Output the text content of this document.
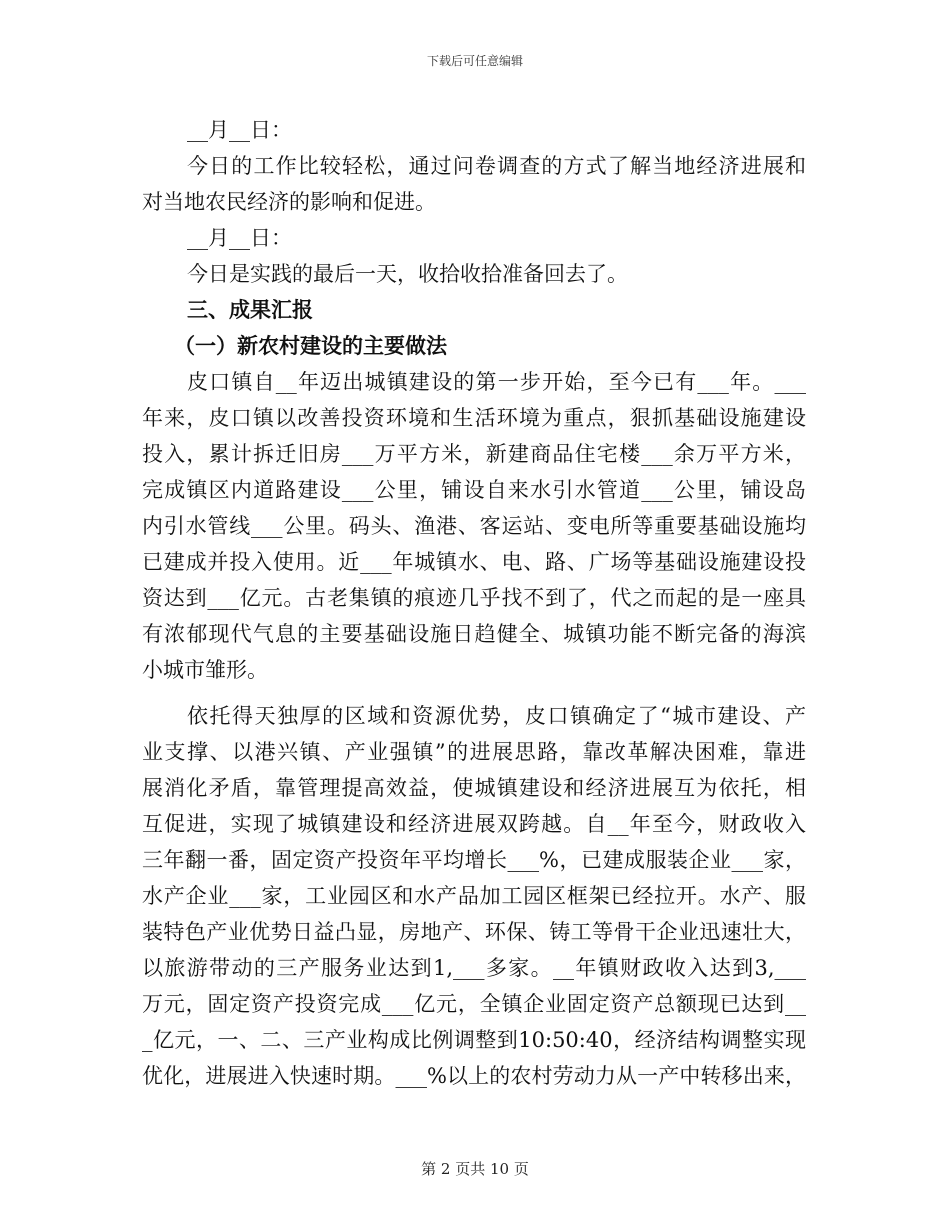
下载后可任意编辑
__月__日：
今日的工作比较轻松，通过问卷调查的方式了解当地经济进展和
对当地农民经济的影响和促进。
__月__日：
今日是实践的最后一天，收拾收拾准备回去了。
三、成果汇报
（一）新农村建设的主要做法
皮口镇自__年迈出城镇建设的第一步开始，至今已有___年。___
年来，皮口镇以改善投资环境和生活环境为重点，狠抓基础设施建设
投入，累计拆迁旧房___万平方米，新建商品住宅楼___余万平方米，
完成镇区内道路建设___公里，铺设自来水引水管道___公里，铺设岛
内引水管线___公里。码头、渔港、客运站、变电所等重要基础设施均
已建成并投入使用。近___年城镇水、电、路、广场等基础设施建设投
资达到___亿元。古老集镇的痕迹几乎找不到了，代之而起的是一座具
有浓郁现代气息的主要基础设施日趋健全、城镇功能不断完备的海滨
小城市雏形。
依托得天独厚的区域和资源优势，皮口镇确定了“城市建设、产
业支撑、以港兴镇、产业强镇”的进展思路，靠改革解决困难，靠进
展消化矛盾，靠管理提高效益，使城镇建设和经济进展互为依托，相
互促进，实现了城镇建设和经济进展双跨越。自__年至今，财政收入
三年翻一番，固定资产投资年平均增长___%，已建成服装企业___家，
水产企业___家，工业园区和水产品加工园区框架已经拉开。水产、服
装特色产业优势日益凸显，房地产、环保、铸工等骨干企业迅速壮大，
以旅游带动的三产服务业达到1,___多家。__年镇财政收入达到3,___
万元，固定资产投资完成___亿元，全镇企业固定资产总额现已达到__
_亿元，一、二、三产业构成比例调整到10:50:40，经济结构调整实现
优化，进展进入快速时期。___%以上的农村劳动力从一产中转移出来，
第 2 页共 10 页
